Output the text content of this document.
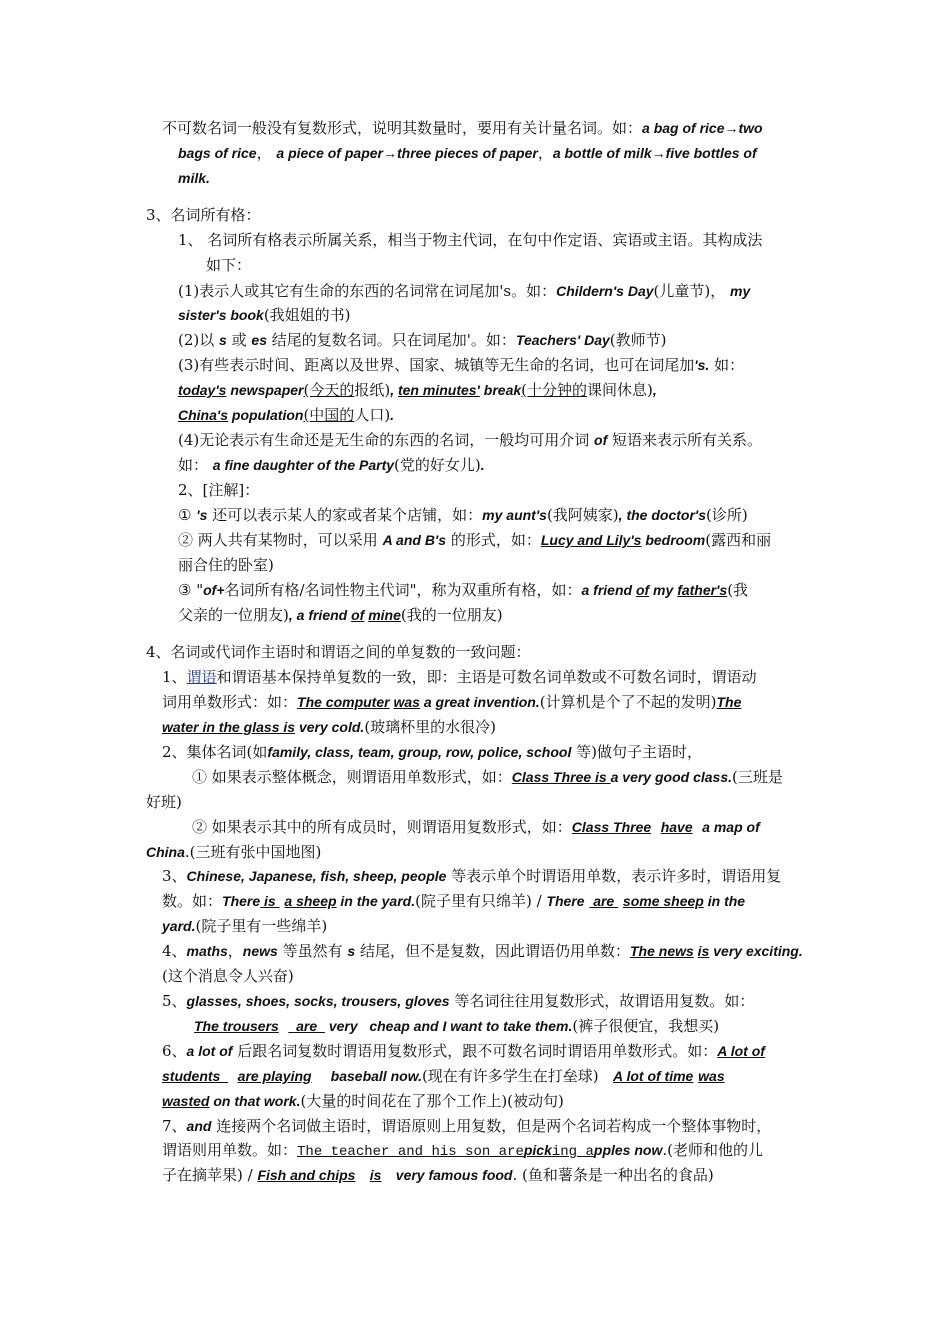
不可数名词一般没有复数形式，说明其数量时，要用有关计量名词。如：a bag of rice→two
bags of rice， a piece of paper→three pieces of paper，a bottle of milk→five bottles of
milk.
3、名词所有格：
1、 名词所有格表示所属关系，相当于物主代词，在句中作定语、宾语或主语。其构成法
如下：
(1)表示人或其它有生命的东西的名词常在词尾加's。如：Childern's Day(儿童节)， my
sister's book(我姐姐的书)
(2)以 s 或 es 结尾的复数名词。只在词尾加'。如：Teachers' Day(教师节)
(3)有些表示时间、距离以及世界、国家、城镇等无生命的名词，也可在词尾加's. 如：
today's newspaper(今天的报纸), ten minutes' break(十分钟的课间休息),
China's population(中国的人口).
(4)无论表示有生命还是无生命的东西的名词，一般均可用介词 of 短语来表示所有关系。
如： a fine daughter of the Party(党的好女儿).
2、[注解]：
① 's 还可以表示某人的家或者某个店铺，如：my aunt's(我阿姨家), the doctor's(诊所)
② 两人共有某物时，可以采用 A and B's 的形式，如：Lucy and Lily's bedroom(露西和丽
丽合住的卧室)
③ "of+名词所有格/名词性物主代词"，称为双重所有格，如：a friend of my father's(我
父亲的一位朋友), a friend of mine(我的一位朋友)
4、名词或代词作主语时和谓语之间的单复数的一致问题：
1、谓语和谓语基本保持单复数的一致，即：主语是可数名词单数或不可数名词时，谓语动
词用单数形式：如：The computer was a great invention.(计算机是个了不起的发明)The
water in the glass is very cold.(玻璃杯里的水很冷)
2、集体名词(如family, class, team, group, row, police, school 等)做句子主语时，
① 如果表示整体概念，则谓语用单数形式，如：Class Three is a very good class.(三班是
好班)
② 如果表示其中的所有成员时，则谓语用复数形式，如：Class Three have a map of
China.(三班有张中国地图)
3、Chinese, Japanese, fish, sheep, people 等表示单个时谓语用单数，表示许多时，谓语用复
数。如：There is  a sheep in the yard.(院子里有只绵羊) / There  are  some sheep in the
yard.(院子里有一些绵羊)
4、maths，news 等虽然有 s 结尾，但不是复数，因此谓语仍用单数：The news is very exciting.
(这个消息令人兴奋)
5、glasses, shoes, socks, trousers, gloves 等名词往往用复数形式，故谓语用复数。如：
The trousers    are   very   cheap and I want to take them.(裤子很便宜，我想买)
6、a lot of 后跟名词复数时谓语用复数形式，跟不可数名词时谓语用单数形式。如：A lot of
students    are playing baseball now.(现在有许多学生在打垒球) A lot of time was
wasted on that work.(大量的时间花在了那个工作上)(被动句)
7、and 连接两个名词做主语时，谓语原则上用复数，但是两个名词若构成一个整体事物时，
谓语则用单数。如：The teacher and his son arepicking apples now.(老师和他的儿
子在摘苹果) / Fish and chips is very famous food. (鱼和薯条是一种出名的食品)
